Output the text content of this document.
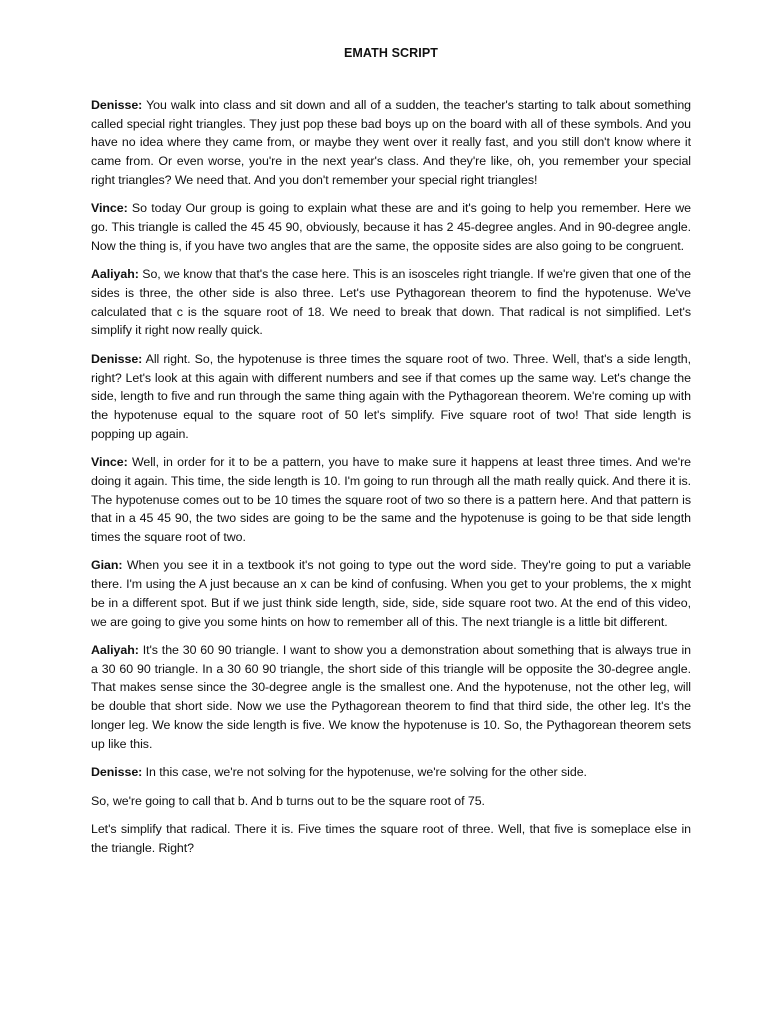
EMATH SCRIPT

Denisse: You walk into class and sit down and all of a sudden, the teacher's starting to talk about something called special right triangles. They just pop these bad boys up on the board with all of these symbols. And you have no idea where they came from, or maybe they went over it really fast, and you still don't know where it came from. Or even worse, you're in the next year's class. And they're like, oh, you remember your special right triangles? We need that. And you don't remember your special right triangles!

Vince: So today Our group is going to explain what these are and it's going to help you remember. Here we go. This triangle is called the 45 45 90, obviously, because it has 2 45-degree angles. And in 90-degree angle. Now the thing is, if you have two angles that are the same, the opposite sides are also going to be congruent.

Aaliyah: So, we know that that's the case here. This is an isosceles right triangle. If we're given that one of the sides is three, the other side is also three. Let's use Pythagorean theorem to find the hypotenuse. We've calculated that c is the square root of 18. We need to break that down. That radical is not simplified. Let's simplify it right now really quick.

Denisse: All right. So, the hypotenuse is three times the square root of two. Three. Well, that's a side length, right? Let's look at this again with different numbers and see if that comes up the same way. Let's change the side, length to five and run through the same thing again with the Pythagorean theorem. We're coming up with the hypotenuse equal to the square root of 50 let's simplify. Five square root of two! That side length is popping up again.

Vince: Well, in order for it to be a pattern, you have to make sure it happens at least three times. And we're doing it again. This time, the side length is 10. I'm going to run through all the math really quick. And there it is. The hypotenuse comes out to be 10 times the square root of two so there is a pattern here. And that pattern is that in a 45 45 90, the two sides are going to be the same and the hypotenuse is going to be that side length times the square root of two.

Gian: When you see it in a textbook it's not going to type out the word side. They're going to put a variable there. I'm using the A just because an x can be kind of confusing. When you get to your problems, the x might be in a different spot. But if we just think side length, side, side, side square root two. At the end of this video, we are going to give you some hints on how to remember all of this. The next triangle is a little bit different.

Aaliyah: It's the 30 60 90 triangle. I want to show you a demonstration about something that is always true in a 30 60 90 triangle. In a 30 60 90 triangle, the short side of this triangle will be opposite the 30-degree angle. That makes sense since the 30-degree angle is the smallest one. And the hypotenuse, not the other leg, will be double that short side. Now we use the Pythagorean theorem to find that third side, the other leg. It's the longer leg. We know the side length is five. We know the hypotenuse is 10. So, the Pythagorean theorem sets up like this.

Denisse: In this case, we're not solving for the hypotenuse, we're solving for the other side.

So, we're going to call that b. And b turns out to be the square root of 75.

Let's simplify that radical. There it is. Five times the square root of three. Well, that five is someplace else in the triangle. Right?
